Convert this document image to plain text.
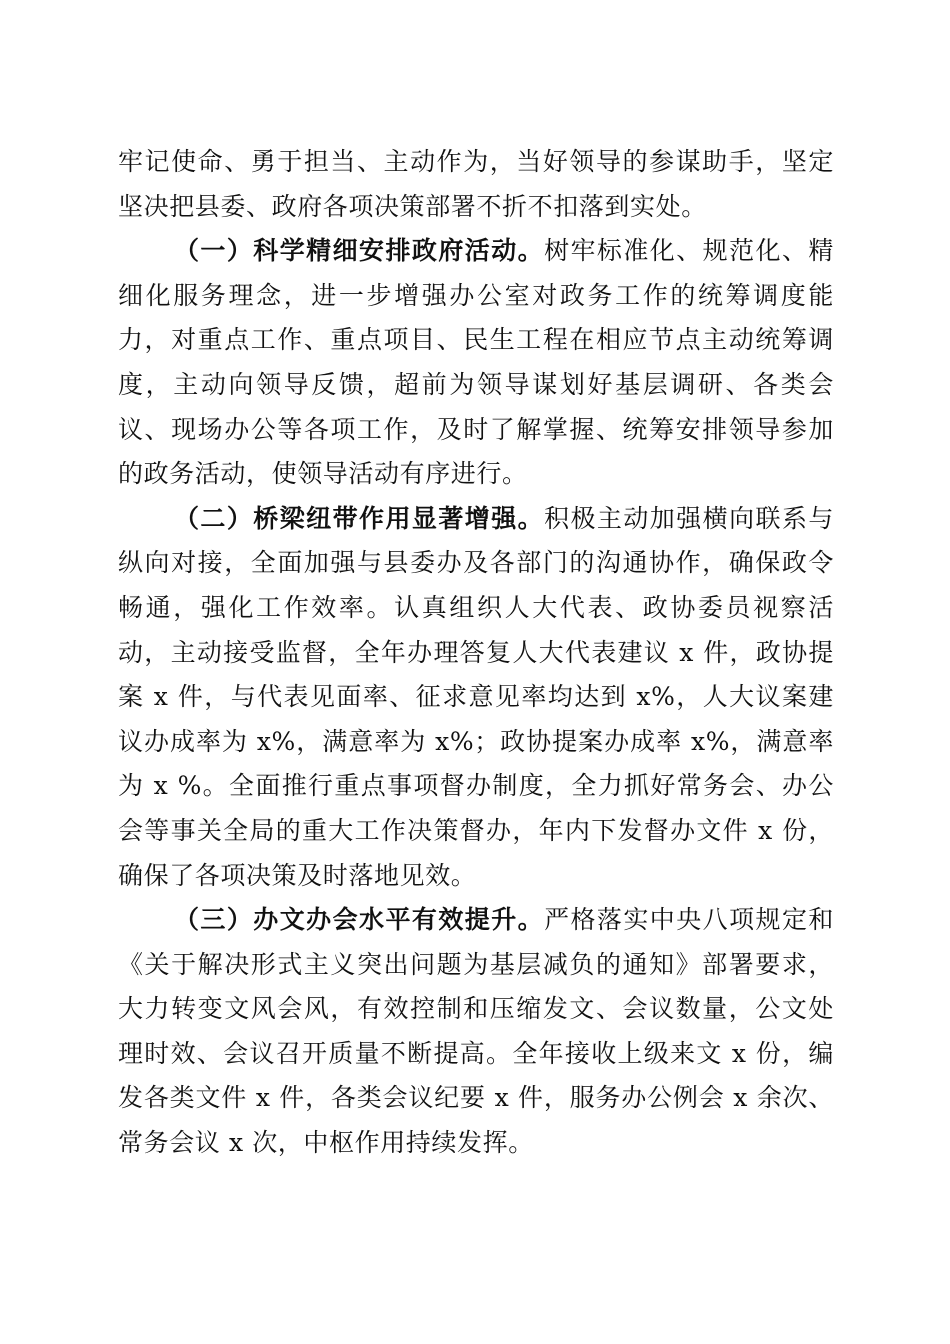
牢记使命、勇于担当、主动作为，当好领导的参谋助手，坚定坚决把县委、政府各项决策部署不折不扣落到实处。

（一）科学精细安排政府活动。树牢标准化、规范化、精细化服务理念，进一步增强办公室对政务工作的统筹调度能力，对重点工作、重点项目、民生工程在相应节点主动统筹调度，主动向领导反馈，超前为领导谋划好基层调研、各类会议、现场办公等各项工作，及时了解掌握、统筹安排领导参加的政务活动，使领导活动有序进行。

（二）桥梁纽带作用显著增强。积极主动加强横向联系与纵向对接，全面加强与县委办及各部门的沟通协作，确保政令畅通，强化工作效率。认真组织人大代表、政协委员视察活动，主动接受监督，全年办理答复人大代表建议 x 件，政协提案 x 件，与代表见面率、征求意见率均达到 x%，人大议案建议办成率为 x%，满意率为 x%；政协提案办成率 x%，满意率为 x %。全面推行重点事项督办制度，全力抓好常务会、办公会等事关全局的重大工作决策督办，年内下发督办文件 x 份，确保了各项决策及时落地见效。

（三）办文办会水平有效提升。严格落实中央八项规定和《关于解决形式主义突出问题为基层减负的通知》部署要求，大力转变文风会风，有效控制和压缩发文、会议数量，公文处理时效、会议召开质量不断提高。全年接收上级来文 x 份，编发各类文件 x 件，各类会议纪要 x 件，服务办公例会 x 余次、常务会议 x 次，中枢作用持续发挥。
